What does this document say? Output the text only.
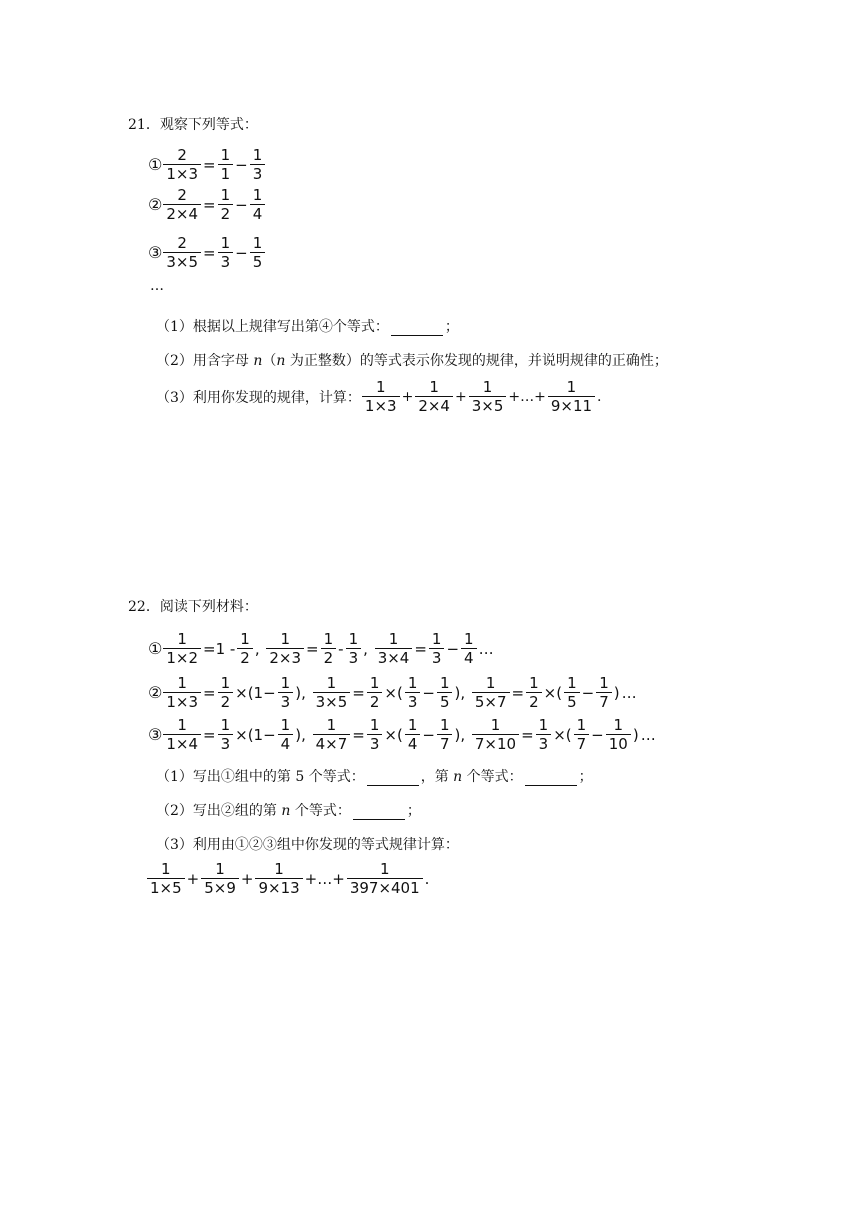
21．观察下列等式：
① $\frac{2}{1\times 3} = \frac{1}{1} - \frac{1}{3}$
② $\frac{2}{2\times 4} = \frac{1}{2} - \frac{1}{4}$
③ $\frac{2}{3\times 5} = \frac{1}{3} - \frac{1}{5}$
…
（1）根据以上规律写出第④个等式：	；
（2）用含字母 n（n 为正整数）的等式表示你发现的规律，并说明规律的正确性；
（3）利用你发现的规律，计算： $\frac{1}{1\times 3} + \frac{1}{2\times 4} + \frac{1}{3\times 5}$ +…+ $\frac{1}{9\times 11}$ .
22．阅读下列材料：
① $\frac{1}{1\times 2} =1 - \frac{1}{2}$ , $\frac{1}{2\times 3} = \frac{1}{2} - \frac{1}{3}$ , $\frac{1}{3\times 4} = \frac{1}{3} - \frac{1}{4}$ …
② $\frac{1}{1\times 3} = \frac{1}{2} \times(1- \frac{1}{3}$ ), $\frac{1}{3\times 5} = \frac{1}{2}$ ×( $\frac{1}{3} - \frac{1}{5}$ ), $\frac{1}{5\times 7} = \frac{1}{2}$ ×( $\frac{1}{5} - \frac{1}{7}$ ) …
③ $\frac{1}{1\times 4} = \frac{1}{3} \times(1- \frac{1}{4}$ ), $\frac{1}{4\times 7} = \frac{1}{3}$ ×( $\frac{1}{4} - \frac{1}{7}$ ), $\frac{1}{7\times 10} = \frac{1}{3}$ ×( $\frac{1}{7} - \frac{1}{10}$ ) …
（1）写出①组中的第 5 个等式：	，第 n 个等式：	；
（2）写出②组的第 n 个等式：	；
（3）利用由①②③组中你发现的等式规律计算：
$\frac{1}{1\times 5} + \frac{1}{5\times 9} + \frac{1}{9\times 13}$ +…+ $\frac{1}{397\times 401}$ .
